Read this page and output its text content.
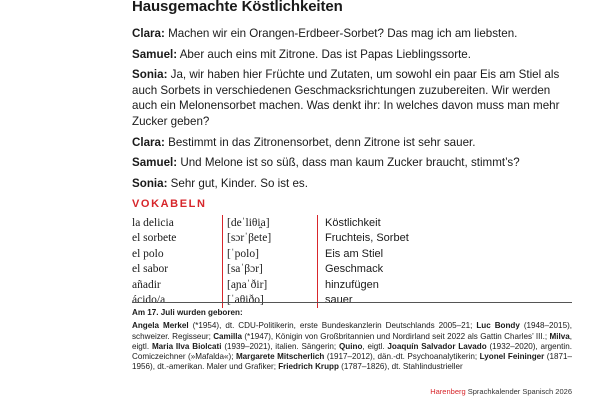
Hausgemachte Köstlichkeiten

Clara: Machen wir ein Orangen-Erdbeer-Sorbet? Das mag ich am liebsten.

Samuel: Aber auch eins mit Zitrone. Das ist Papas Lieblingssorte.

Sonia: Ja, wir haben hier Früchte und Zutaten, um sowohl ein paar Eis am Stiel als auch Sorbets in verschiedenen Geschmacksrichtungen zuzubereiten. Wir werden auch ein Melonensorbet machen. Was denkt ihr: In welches davon muss man mehr Zucker geben?

Clara: Bestimmt in das Zitronensorbet, denn Zitrone ist sehr sauer.

Samuel: Und Melone ist so süß, dass man kaum Zucker braucht, stimmt’s?

Sonia: Sehr gut, Kinder. So ist es.

VOKABELN
la delicia	[deˈliθi̯a]	Köstlichkeit
el sorbete	[sɔrˈβete]	Fruchteis, Sorbet
el polo	[ˈpolo]	Eis am Stiel
el sabor	[saˈβɔr]	Geschmack
añadir	[aɲaˈðir]	hinzufügen
ácido/a	[ˈaθiðo]	sauer
Am 17. Juli wurden geboren:
Angela Merkel (*1954), dt. CDU-Politikerin, erste Bundeskanzlerin Deutschlands 2005–21; Luc Bondy (1948–2015), schweizer. Regisseur; Camilla (*1947), Königin von Großbritannien und Nordirland seit 2022 als Gattin Charles’ III.; Milva, eigtl. Maria Ilva Biolcati (1939–2021), italien. Sängerin; Quino, eigtl. Joaquín Salvador Lavado (1932–2020), argentin. Comiczeichner (»Mafalda«); Margarete Mitscherlich (1917–2012), dän.-dt. Psychoanalytikerin; Lyonel Feininger (1871–1956), dt.-amerikan. Maler und Grafiker; Friedrich Krupp (1787–1826), dt. Stahlindustrieller
Harenberg Sprachkalender Spanisch 2026
